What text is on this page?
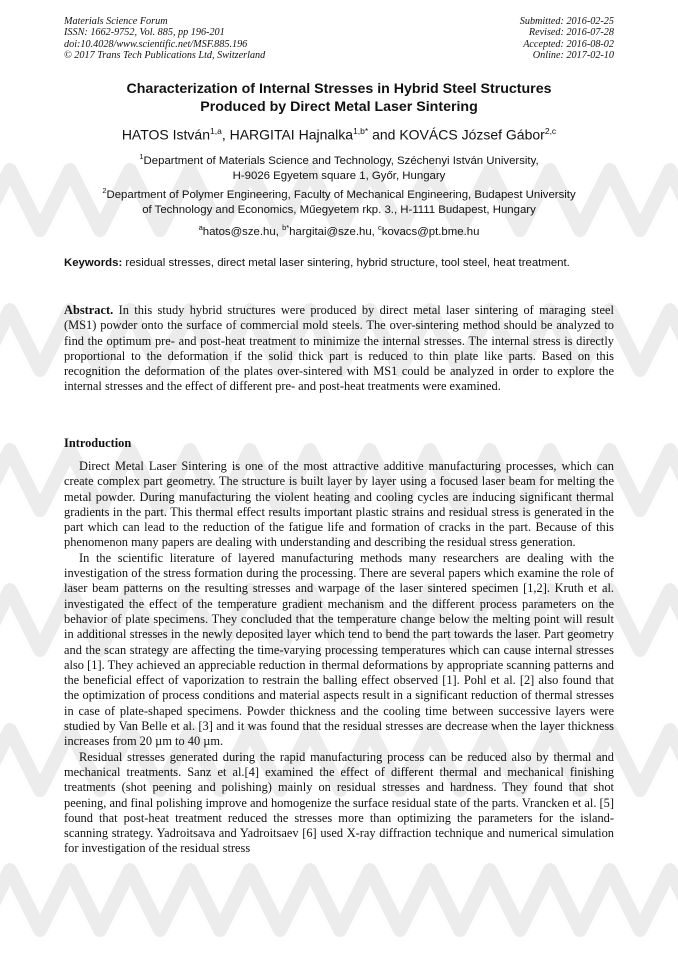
Materials Science Forum
ISSN: 1662-9752, Vol. 885, pp 196-201
doi:10.4028/www.scientific.net/MSF.885.196
© 2017 Trans Tech Publications Ltd, Switzerland
Submitted: 2016-02-25
Revised: 2016-07-28
Accepted: 2016-08-02
Online: 2017-02-10
Characterization of Internal Stresses in Hybrid Steel Structures
Produced by Direct Metal Laser Sintering
HATOS István$^{1,a}$, HARGITAI Hajnalka$^{1,b*}$ and KOVÁCS József Gábor$^{2,c}$
$^1$Department of Materials Science and Technology, Széchenyi István University,
H-9026 Egyetem square 1, Győr, Hungary
$^2$Department of Polymer Engineering, Faculty of Mechanical Engineering, Budapest University
of Technology and Economics, Műegyetem rkp. 3., H-1111 Budapest, Hungary
$^a$hatos@sze.hu, $^{b*}$hargitai@sze.hu, $^c$kovacs@pt.bme.hu
Keywords: residual stresses, direct metal laser sintering, hybrid structure, tool steel, heat treatment.
Abstract. In this study hybrid structures were produced by direct metal laser sintering of maraging steel (MS1) powder onto the surface of commercial mold steels. The over-sintering method should be analyzed to find the optimum pre- and post-heat treatment to minimize the internal stresses. The internal stress is directly proportional to the deformation if the solid thick part is reduced to thin plate like parts. Based on this recognition the deformation of the plates over-sintered with MS1 could be analyzed in order to explore the internal stresses and the effect of different pre- and post-heat treatments were examined.
Introduction

Direct Metal Laser Sintering is one of the most attractive additive manufacturing processes, which can create complex part geometry. The structure is built layer by layer using a focused laser beam for melting the metal powder. During manufacturing the violent heating and cooling cycles are inducing significant thermal gradients in the part. This thermal effect results important plastic strains and residual stress is generated in the part which can lead to the reduction of the fatigue life and formation of cracks in the part. Because of this phenomenon many papers are dealing with understanding and describing the residual stress generation.

In the scientific literature of layered manufacturing methods many researchers are dealing with the investigation of the stress formation during the processing. There are several papers which examine the role of laser beam patterns on the resulting stresses and warpage of the laser sintered specimen [1,2]. Kruth et al. investigated the effect of the temperature gradient mechanism and the different process parameters on the behavior of plate specimens. They concluded that the temperature change below the melting point will result in additional stresses in the newly deposited layer which tend to bend the part towards the laser. Part geometry and the scan strategy are affecting the time-varying processing temperatures which can cause internal stresses also [1]. They achieved an appreciable reduction in thermal deformations by appropriate scanning patterns and the beneficial effect of vaporization to restrain the balling effect observed [1]. Pohl et al. [2] also found that the optimization of process conditions and material aspects result in a significant reduction of thermal stresses in case of plate-shaped specimens. Powder thickness and the cooling time between successive layers were studied by Van Belle et al. [3] and it was found that the residual stresses are decrease when the layer thickness increases from 20 µm to 40 µm.

Residual stresses generated during the rapid manufacturing process can be reduced also by thermal and mechanical treatments. Sanz et al.[4] examined the effect of different thermal and mechanical finishing treatments (shot peening and polishing) mainly on residual stresses and hardness. They found that shot peening, and final polishing improve and homogenize the surface residual state of the parts. Vrancken et al. [5] found that post-heat treatment reduced the stresses more than optimizing the parameters for the island-scanning strategy. Yadroitsava and Yadroitsaev [6] used X-ray diffraction technique and numerical simulation for investigation of the residual stress
